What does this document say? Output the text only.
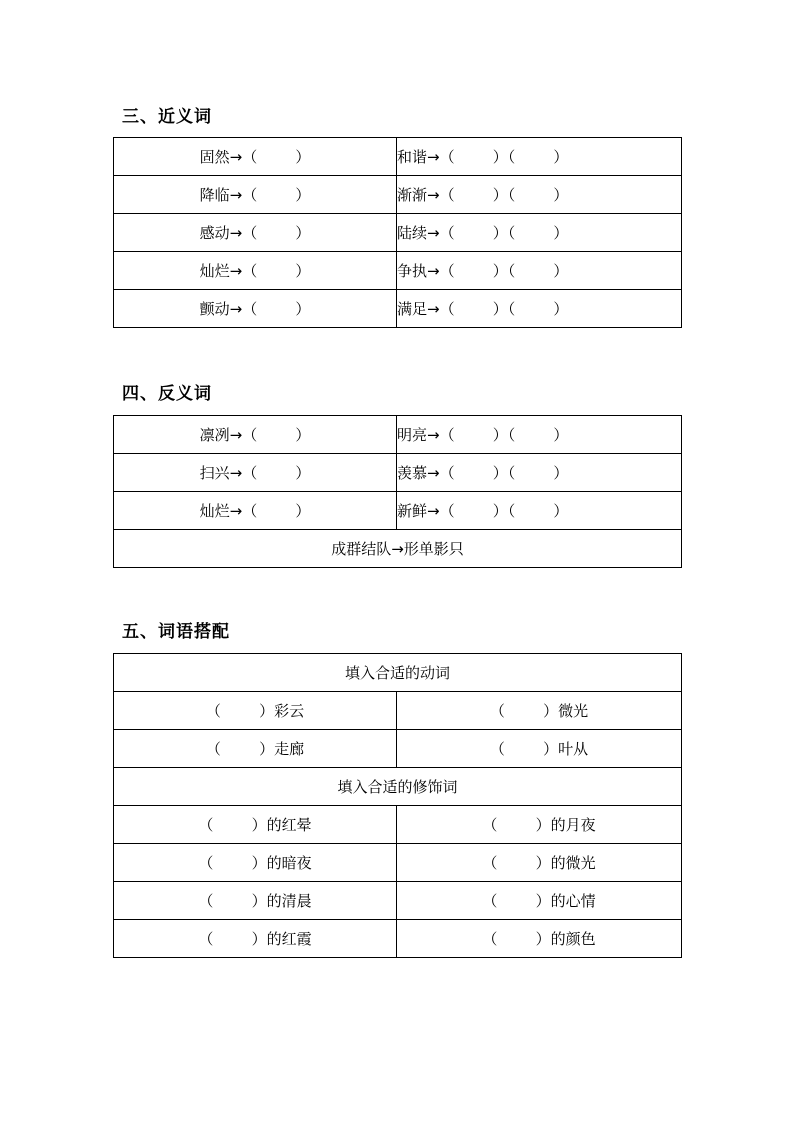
三、近义词
固然→（        ）	和谐→（        ）（        ）
降临→（        ）	渐渐→（        ）（        ）
感动→（        ）	陆续→（        ）（        ）
灿烂→（        ）	争执→（        ）（        ）
颤动→（        ）	满足→（        ）（        ）
四、反义词
凛冽→（        ）	明亮→（        ）（        ）
扫兴→（        ）	羡慕→（        ）（        ）
灿烂→（        ）	新鲜→（        ）（        ）
成群结队→形单影只	
五、词语搭配
填入合适的动词	
（        ）彩云	（        ）微光
（        ）走廊	（        ）叶从
填入合适的修饰词	
（        ）的红晕	（        ）的月夜
（        ）的暗夜	（        ）的微光
（        ）的清晨	（        ）的心情
（        ）的红霞	（        ）的颜色
